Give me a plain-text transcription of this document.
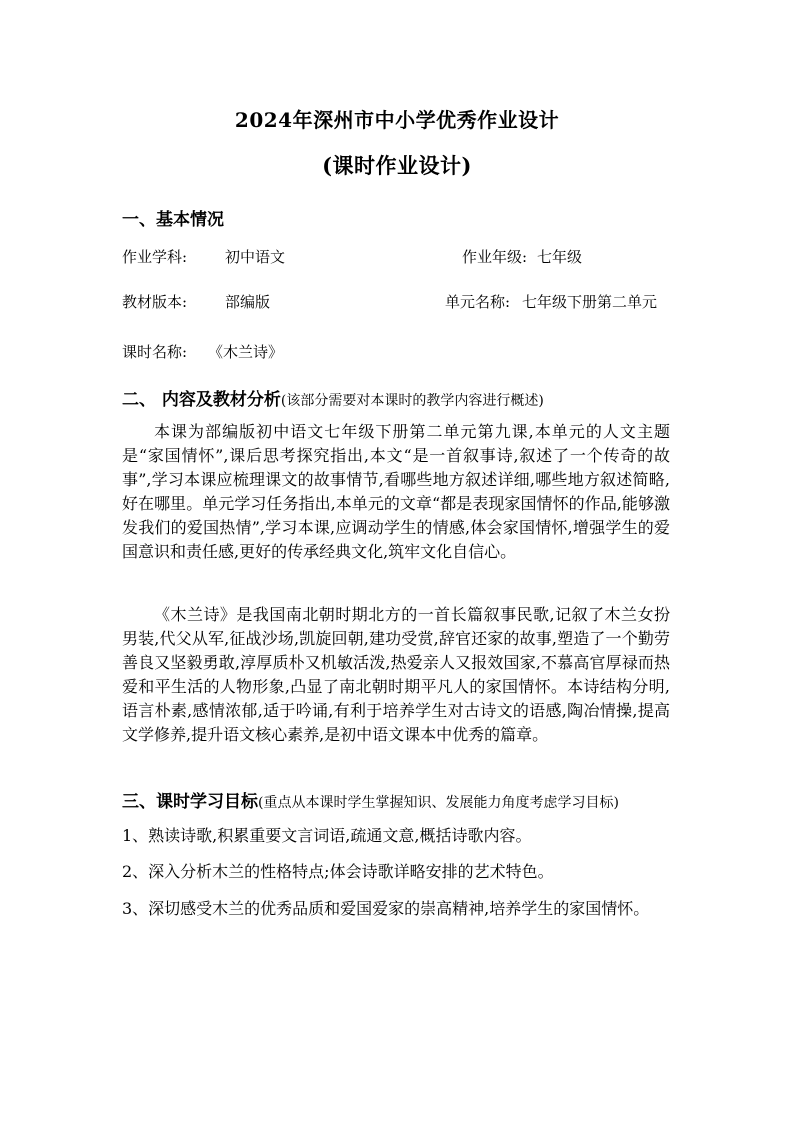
2024年深州市中小学优秀作业设计
(课时作业设计)
一、基本情况
作业学科:	初中语文	作业年级: 七年级
教材版本:	部编版	单元名称: 七年级下册第二单元
课时名称: 《木兰诗》
二、 内容及教材分析(该部分需要对本课时的教学内容进行概述)

本课为部编版初中语文七年级下册第二单元第九课,本单元的人文主题是“家国情怀”,课后思考探究指出,本文“是一首叙事诗,叙述了一个传奇的故事”,学习本课应梳理课文的故事情节,看哪些地方叙述详细,哪些地方叙述简略,好在哪里。单元学习任务指出,本单元的文章“都是表现家国情怀的作品,能够激发我们的爱国热情”,学习本课,应调动学生的情感,体会家国情怀,增强学生的爱国意识和责任感,更好的传承经典文化,筑牢文化自信心。

《木兰诗》是我国南北朝时期北方的一首长篇叙事民歌,记叙了木兰女扮男装,代父从军,征战沙场,凯旋回朝,建功受赏,辞官还家的故事,塑造了一个勤劳善良又坚毅勇敢,淳厚质朴又机敏活泼,热爱亲人又报效国家,不慕高官厚禄而热爱和平生活的人物形象,凸显了南北朝时期平凡人的家国情怀。本诗结构分明,语言朴素,感情浓郁,适于吟诵,有利于培养学生对古诗文的语感,陶冶情操,提高文学修养,提升语文核心素养,是初中语文课本中优秀的篇章。

三、课时学习目标(重点从本课时学生掌握知识、发展能力角度考虑学习目标)
1、熟读诗歌,积累重要文言词语,疏通文意,概括诗歌内容。
2、深入分析木兰的性格特点;体会诗歌详略安排的艺术特色。
3、深切感受木兰的优秀品质和爱国爱家的崇高精神,培养学生的家国情怀。
